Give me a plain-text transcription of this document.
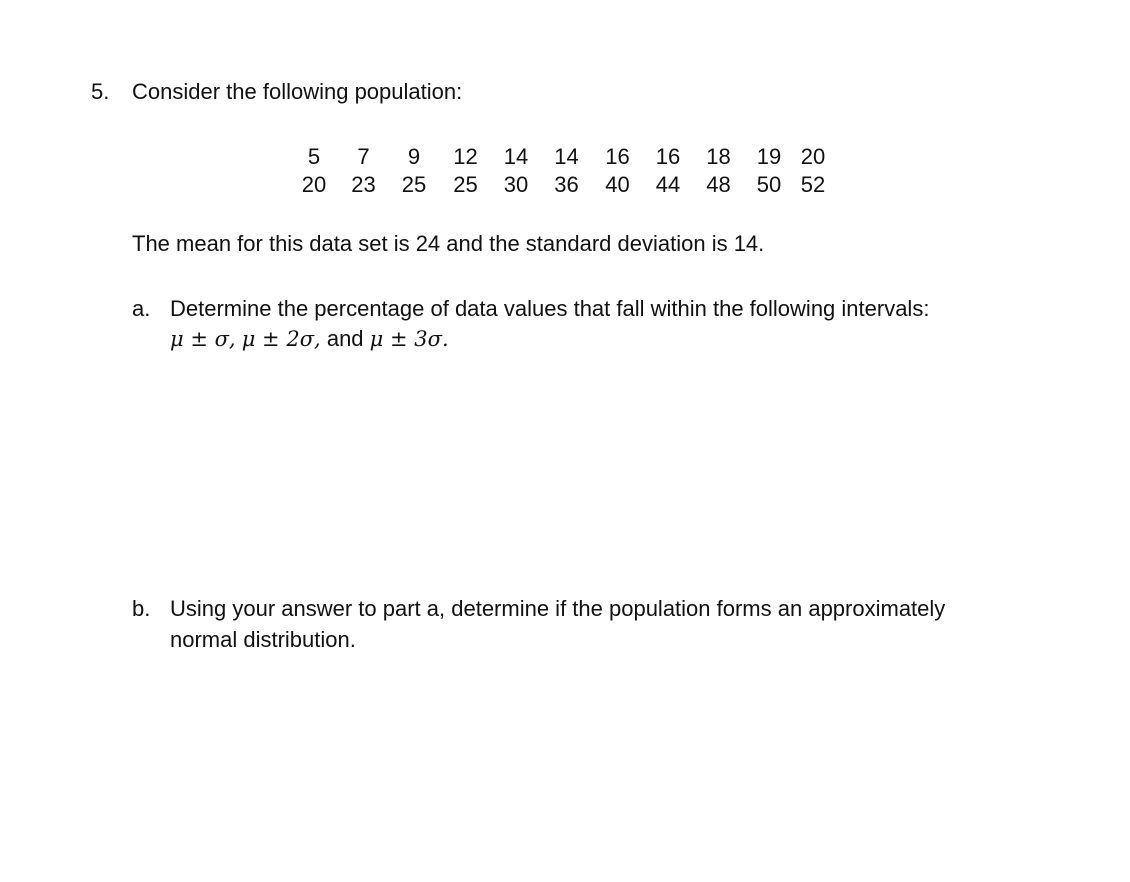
5. Consider the following population:
5	7	9	12	14	14	16	16	18	19	20
20	23	25	25	30	36	40	44	48	50	52
The mean for this data set is 24 and the standard deviation is 14.
a. Determine the percentage of data values that fall within the following intervals:
μ ± σ, μ ± 2σ, and μ ± 3σ.
b. Using your answer to part a, determine if the population forms an approximately
normal distribution.
